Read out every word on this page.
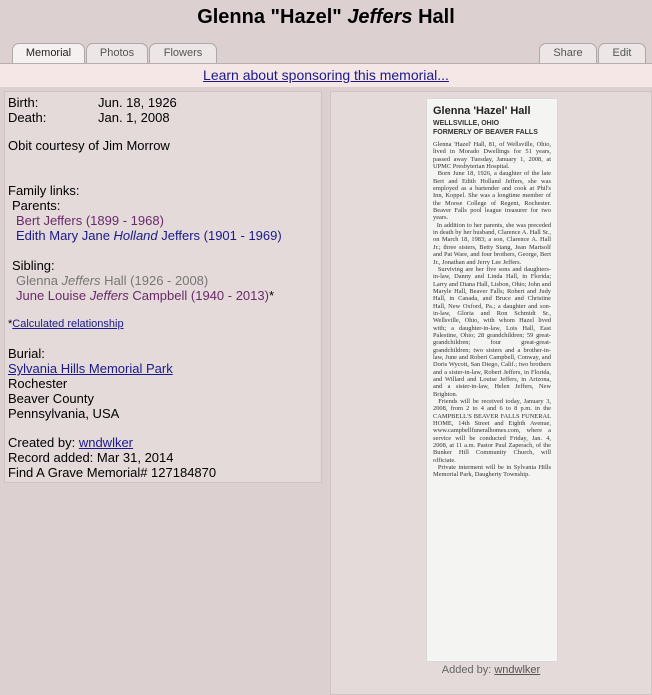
Glenna "Hazel" Jeffers Hall
Memorial	Photos	Flowers	Share	Edit
Learn about sponsoring this memorial...
Birth:	Jun. 18, 1926
Death:	Jan. 1, 2008
Obit courtesy of Jim Morrow
Family links:
Parents:
Bert Jeffers (1899 - 1968)
Edith Mary Jane Holland Jeffers (1901 - 1969)
Sibling:
Glenna Jeffers Hall (1926 - 2008)
June Louise Jeffers Campbell (1940 - 2013)*
*Calculated relationship
Burial:
Sylvania Hills Memorial Park
Rochester
Beaver County
Pennsylvania, USA
Created by: wndwlker
Record added: Mar 31, 2014
Find A Grave Memorial# 127184870
Glenna 'Hazel' Hall
WELLSVILLE, OHIO
FORMERLY OF BEAVER FALLS
Glenna 'Hazel' Hall, 81, of Wellsville, Ohio, lived in Morado Dwellings for 51 years, passed away Tuesday, January 1, 2008, at UPMC Presbyterian Hospital.
Born June 18, 1926, a daughter of the late Bert and Edith Holland Jeffers, she was employed as a bartender and cook at Phil's Inn, Koppel. She was a longtime member of the Moose College of Regent, Rochester. Beaver Falls pool league treasurer for two years.
In addition to her parents, she was preceded in death by her husband, Clarence A. Hall Sr., on March 18, 1983; a son, Clarence A. Hall Jr.; three sisters, Betty Stang, Jean Martsolf and Pat Ware, and four brothers, George, Bert Jr., Jonathan and Jerry Lee Jeffers.
Surviving are her five sons and daughters-in-law, Danny and Linda Hall, in Florida; Larry and Diana Hall, Lisbon, Ohio; John and Maryle Hall, Beaver Falls; Robert and Judy Hall, in Canada, and Bruce and Christine Hall, New Oxford, Pa.; a daughter and son-in-law, Gloria and Ron Schmidt Sr., Wellsville, Ohio, with whom Hazel lived with; a daughter-in-law, Lois Hall, East Palestine, Ohio; 28 grandchildren; 59 great-grandchildren; four great-great-grandchildren; two sisters and a brother-in-law, June and Robert Campbell, Conway, and Doris Wycott, San Diego, Calif.; two brothers and a sister-in-law, Robert Jeffers, in Florida, and Willard and Louise Jeffers, in Arizona, and a sister-in-law, Helen Jeffers, New Brighton.
Friends will be received today, January 3, 2008, from 2 to 4 and 6 to 8 p.m. in the CAMPBELL'S BEAVER FALLS FUNERAL HOME, 14th Street and Eighth Avenue, www.campbellfuneralhomes.com, where a service will be conducted Friday, Jan. 4, 2008, at 11 a.m. Pastor Paul Zaperach, of the Bunker Hill Community Church, will officiate.
Private interment will be in Sylvania Hills Memorial Park, Daugherty Township.
Added by: wndwlker
